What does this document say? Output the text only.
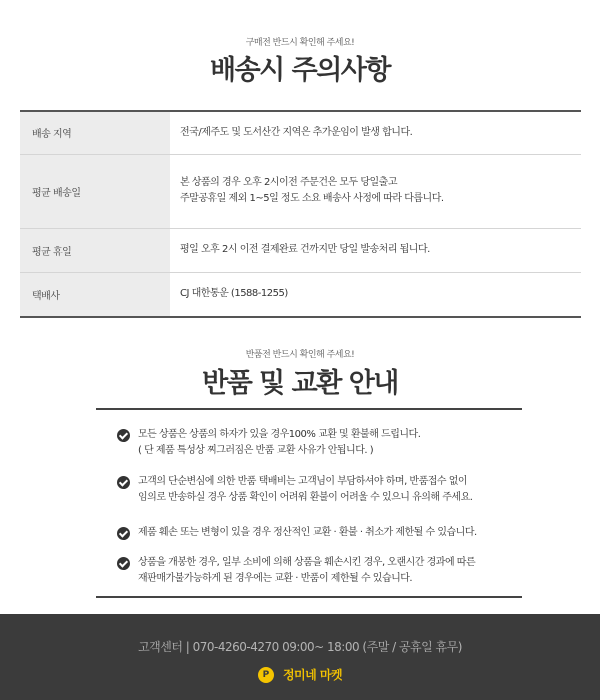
구매전 반드시 확인해 주세요!
배송시 주의사항
배송 지역	전국/제주도 및 도서산간 지역은 추가운임이 발생 합니다.

평균 배송일	본 상품의 경우 오후 2시이전 주문건은 모두 당일출고
주말공휴일 제외 1~5일 정도 소요 배송사 사정에 따라 다릅니다.

평균 휴일	평일 오후 2시 이전 결제완료 건까지만 당일 발송처리 됩니다.

택배사	CJ 대한통운 (1588-1255)
반품전 반드시 확인해 주세요!
반품 및 교환 안내
모든 상품은 상품의 하자가 있을 경우100% 교환 및 환불해 드립니다.
( 단 제품 특성상 찌그러짐은 반품 교환 사유가 안됩니다. )
고객의 단순변심에 의한 반품 택배비는 고객님이 부담하셔야 하며, 반품접수 없이
임의로 반송하실 경우 상품 확인이 어려워 환불이 어려울 수 있으니 유의해 주세요.
제품 훼손 또는 변형이 있을 경우 정산적인 교환 · 환불 · 취소가 제한될 수 있습니다.
상품을 개봉한 경우, 일부 소비에 의해 상품을 훼손시킨 경우, 오랜시간 경과에 따른
재판매가불가능하게 된 경우에는 교환 · 반품이 제한될 수 있습니다.
고객센터 | 070-4260-4270 09:00~ 18:00 (주말 / 공휴일 휴무)
P 정미네 마켓
